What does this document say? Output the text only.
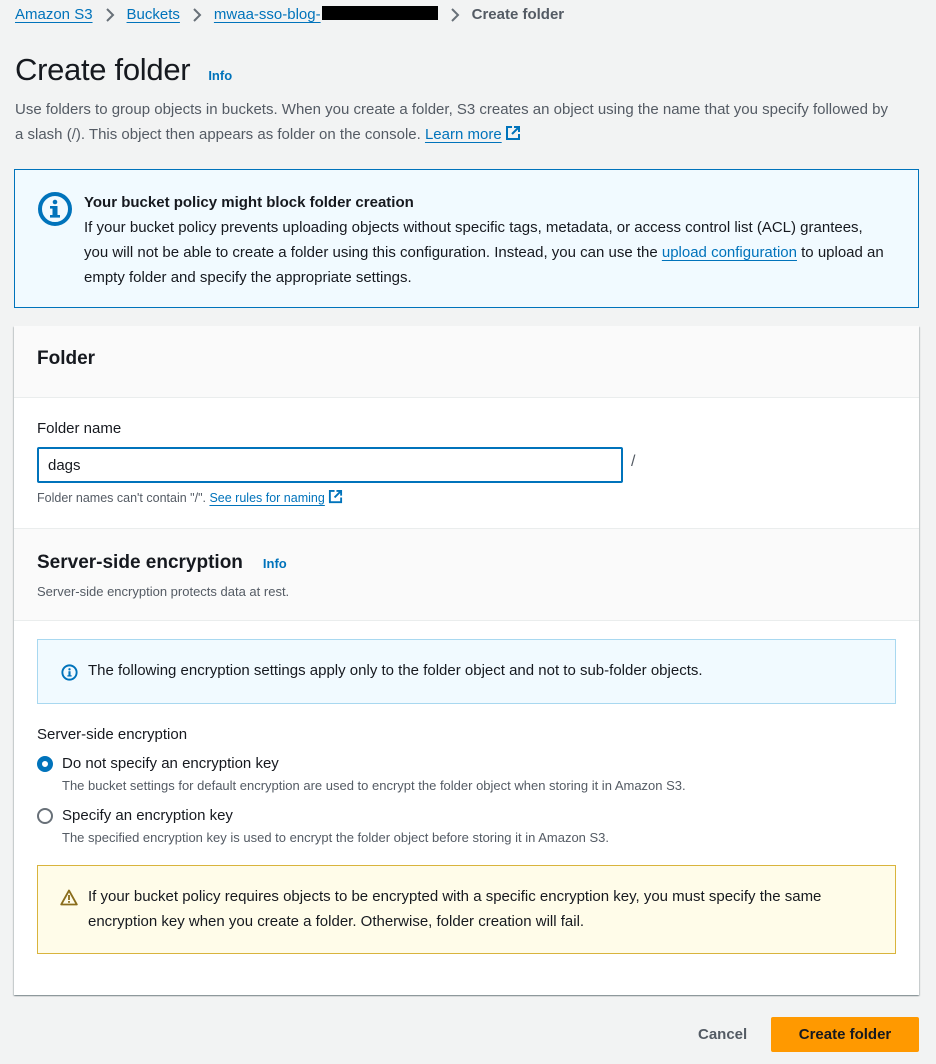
Amazon S3 Buckets mwaa-sso-blog-	Create folder
Create folder Info
Use folders to group objects in buckets. When you create a folder, S3 creates an object using the name that you specify followed by a slash (/). This object then appears as folder on the console. Learn more
Your bucket policy might block folder creation
If your bucket policy prevents uploading objects without specific tags, metadata, or access control list (ACL) grantees, you will not be able to create a folder using this configuration. Instead, you can use the upload configuration to upload an empty folder and specify the appropriate settings.
Folder
Folder name
dags
/
Folder names can't contain "/". See rules for naming
Server-side encryption Info
Server-side encryption protects data at rest.
The following encryption settings apply only to the folder object and not to sub-folder objects.
Server-side encryption
Do not specify an encryption key
The bucket settings for default encryption are used to encrypt the folder object when storing it in Amazon S3.
Specify an encryption key
The specified encryption key is used to encrypt the folder object before storing it in Amazon S3.
If your bucket policy requires objects to be encrypted with a specific encryption key, you must specify the same encryption key when you create a folder. Otherwise, folder creation will fail.
Cancel	Create folder
